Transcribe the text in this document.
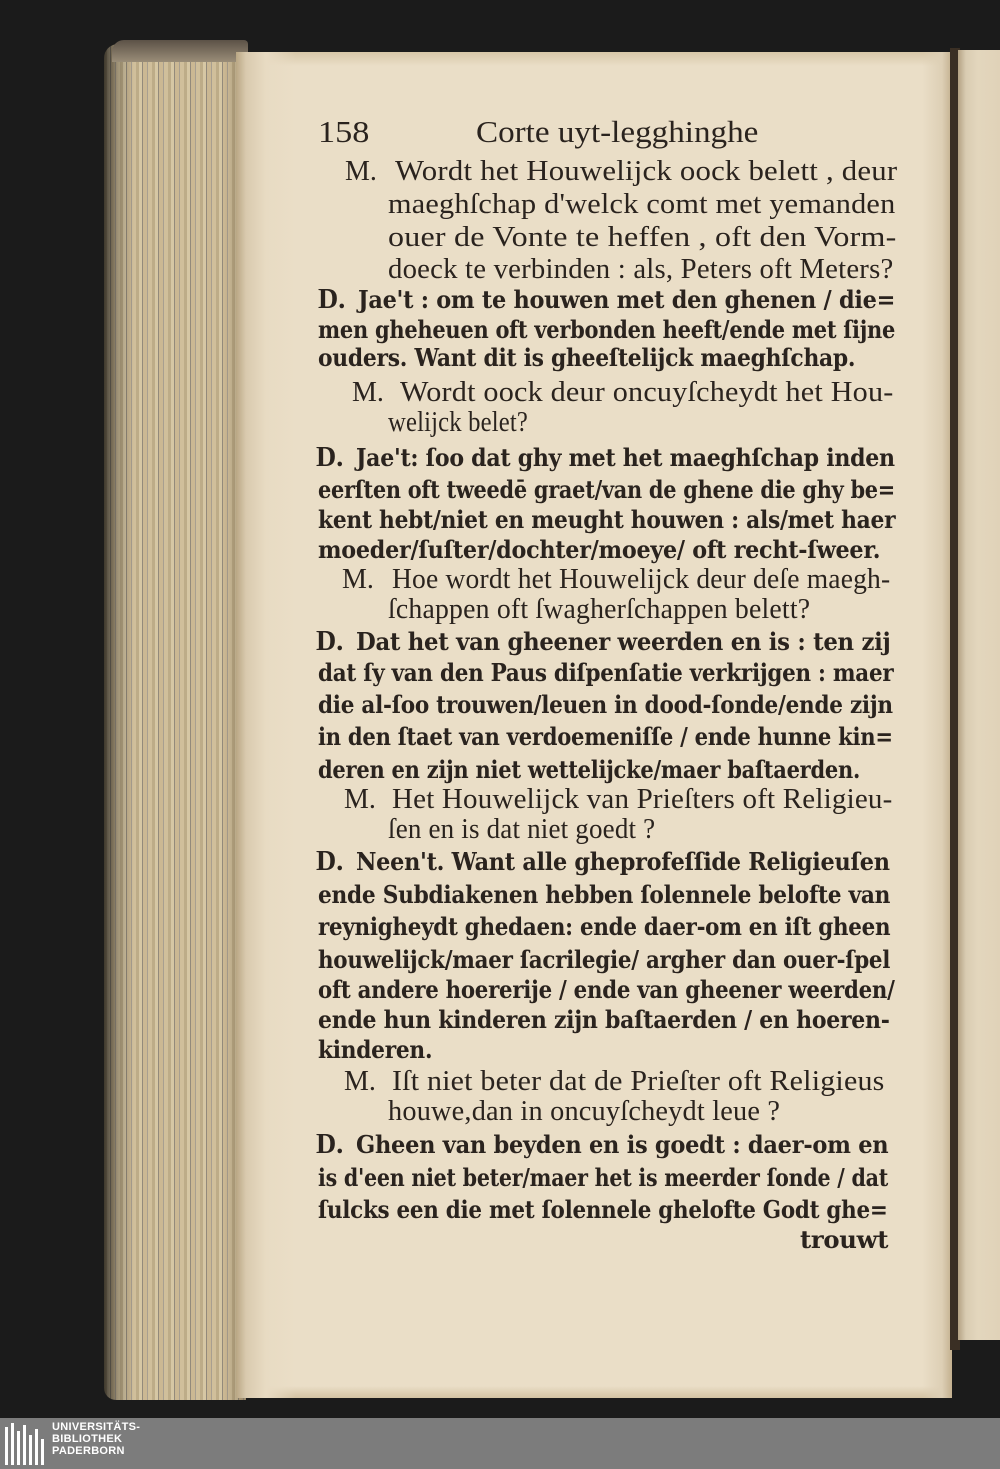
158	Corte uyt-legghinghe
M. Wordt het Houwelijck oock belett , deur
maeghſchap d'welck comt met yemanden
ouer de Vonte te heffen , oft den Vorm-
doeck te verbinden : als, Peters oft Meters?
D. Jae't : om te houwen met den ghenen / die=
men gheheuen oft verbonden heeft/ende met ſijne
ouders. Want dit is gheeſtelijck maeghſchap.
M. Wordt oock deur oncuyſcheydt het Hou-
welijck belet?
D. Jae't: ſoo dat ghy met het maeghſchap inden
eerſten oft tweedē graet/van de ghene die ghy be=
kent hebt/niet en meught houwen : als/met haer
moeder/ſuſter/dochter/moeye/ oft recht-ſweer.
M. Hoe wordt het Houwelijck deur deſe maegh-
ſchappen oft ſwagherſchappen belett?
D. Dat het van gheener weerden en is : ten zij
dat ſy van den Paus diſpenſatie verkrijgen : maer
die al-ſoo trouwen/leuen in dood-ſonde/ende zijn
in den ſtaet van verdoemeniſſe / ende hunne kin=
deren en zijn niet wettelijcke/maer baſtaerden.
M. Het Houwelijck van Prieſters oft Religieu-
ſen en is dat niet goedt ?
D. Neen't. Want alle gheprofeſſide Religieuſen
ende Subdiakenen hebben ſolennele belofte van
reynigheydt ghedaen: ende daer-om en iſt gheen
houwelijck/maer ſacrilegie/ argher dan ouer-ſpel
oft andere hoererije / ende van gheener weerden/
ende hun kinderen zijn baſtaerden / en hoeren-
kinderen.
M. Iſt niet beter dat de Prieſter oft Religieus
houwe,dan in oncuyſcheydt leue ?
D. Gheen van beyden en is goedt : daer-om en
is d'een niet beter/maer het is meerder ſonde / dat
ſulcks een die met ſolennele ghelofte Godt ghe=
trouwt
UNIVERSITÄTS-
BIBLIOTHEK
PADERBORN
